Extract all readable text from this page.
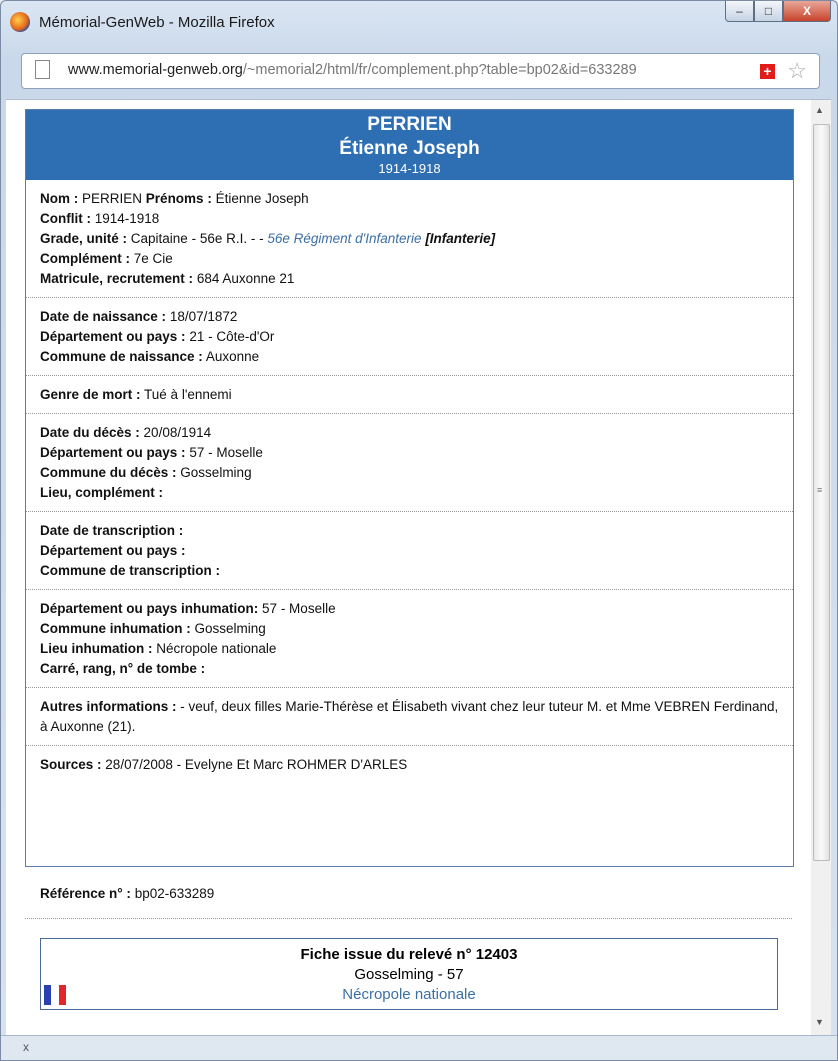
Mémorial-GenWeb - Mozilla Firefox
–	□	X
www.memorial-genweb.org/~memorial2/html/fr/complement.php?table=bp02&id=633289	+ ☆
PERRIEN
Étienne Joseph
1914-1918
Nom : PERRIEN Prénoms : Étienne Joseph
Conflit : 1914-1918
Grade, unité : Capitaine - 56e R.I. - - 56e Régiment d'Infanterie [Infanterie]
Complément : 7e Cie
Matricule, recrutement : 684 Auxonne 21
Date de naissance : 18/07/1872
Département ou pays : 21 - Côte-d'Or
Commune de naissance : Auxonne
Genre de mort : Tué à l'ennemi
Date du décès : 20/08/1914
Département ou pays : 57 - Moselle
Commune du décès : Gosselming
Lieu, complément :
Date de transcription :
Département ou pays :
Commune de transcription :
Département ou pays inhumation: 57 - Moselle
Commune inhumation : Gosselming
Lieu inhumation : Nécropole nationale
Carré, rang, n° de tombe :
Autres informations : - veuf, deux filles Marie-Thérèse et Élisabeth vivant chez leur tuteur M. et Mme VEBREN Ferdinand, à Auxonne (21).
Sources : 28/07/2008 - Evelyne Et Marc ROHMER D'ARLES
Référence n° : bp02-633289
Fiche issue du relevé n° 12403
Gosselming - 57
Nécropole nationale
▲
≡
▼
x
